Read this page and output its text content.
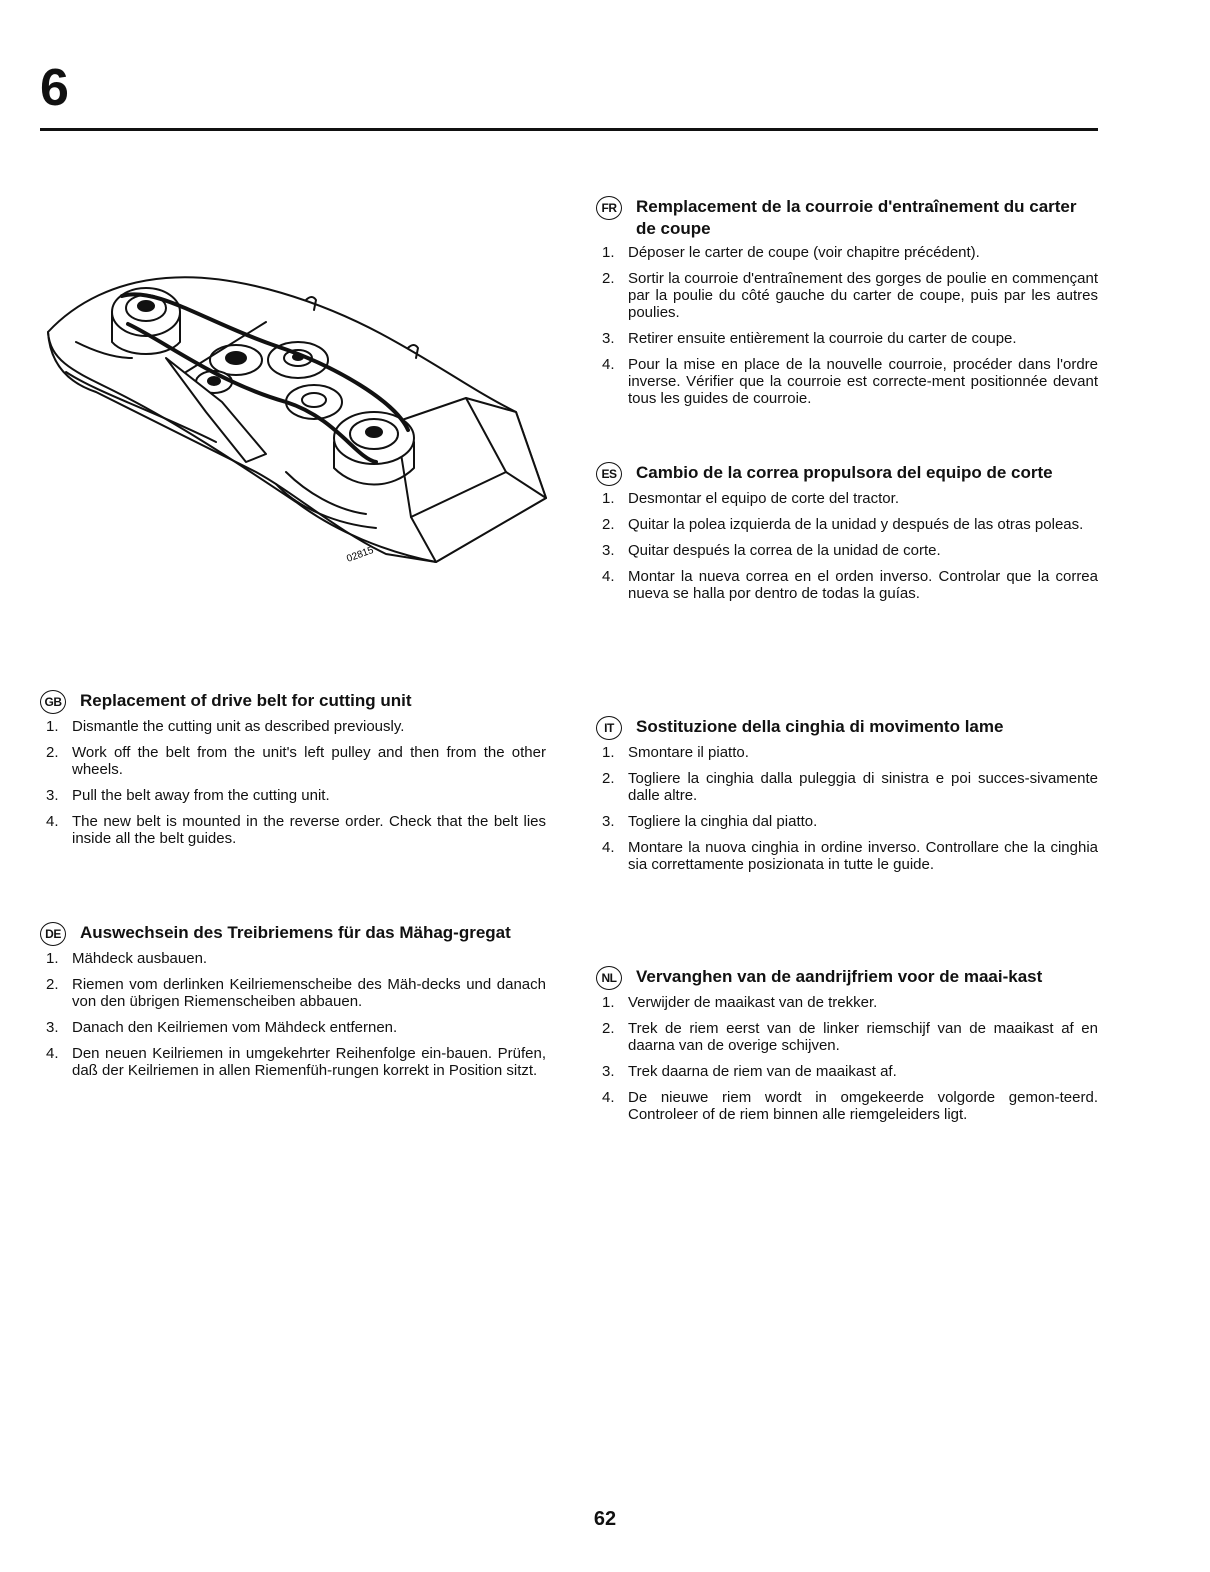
6
02815
FR	Remplacement de la courroie d'entraînement du carter de coupe
1. Déposer le carter de coupe (voir chapitre précédent).
2. Sortir la courroie d'entraînement des gorges de poulie en commençant par la poulie du côté gauche du carter de coupe, puis par les autres poulies.
3. Retirer ensuite entièrement la courroie du carter de coupe.
4. Pour la mise en place de la nouvelle courroie, procéder dans l'ordre inverse. Vérifier que la courroie est correcte-ment positionnée devant tous les guides de courroie.
ES	Cambio de la correa propulsora del equipo de corte
1. Desmontar el equipo de corte del tractor.
2. Quitar la polea izquierda de la unidad y después de las otras poleas.
3. Quitar después la correa de la unidad de corte.
4. Montar la nueva correa en el orden inverso. Controlar que la correa nueva se halla por dentro de todas la guías.
GB Replacement of drive belt for cutting unit
1. Dismantle the cutting unit as described previously.
2. Work off the belt from the unit's left pulley and then from the other wheels.
3. Pull the belt away from the cutting unit.
4. The new belt is mounted in the reverse order. Check that the belt lies inside all the belt guides.
IT	Sostituzione della cinghia di movimento lame
1. Smontare il piatto.
2. Togliere la cinghia dalla puleggia di sinistra e poi succes-sivamente dalle altre.
3. Togliere la cinghia dal piatto.
4. Montare la nuova cinghia in ordine inverso. Controllare che la cinghia sia correttamente posizionata in tutte le guide.
DE	Auswechsein des Treibriemens für das Mähag-gregat
1. Mähdeck ausbauen.
2. Riemen vom derlinken Keilriemenscheibe des Mäh-decks und danach von den übrigen Riemenscheiben abbauen.
3. Danach den Keilriemen vom Mähdeck entfernen.
4. Den neuen Keilriemen in umgekehrter Reihenfolge ein-bauen. Prüfen, daß der Keilriemen in allen Riemenfüh-rungen korrekt in Position sitzt.
NL	Vervanghen van de aandrijfriem voor de maai-kast
1. Verwijder de maaikast van de trekker.
2. Trek de riem eerst van de linker riemschijf van de maaikast af en daarna van de overige schijven.
3. Trek daarna de riem van de maaikast af.
4. De nieuwe riem wordt in omgekeerde volgorde gemon-teerd. Controleer of de riem binnen alle riemgeleiders ligt.
62
